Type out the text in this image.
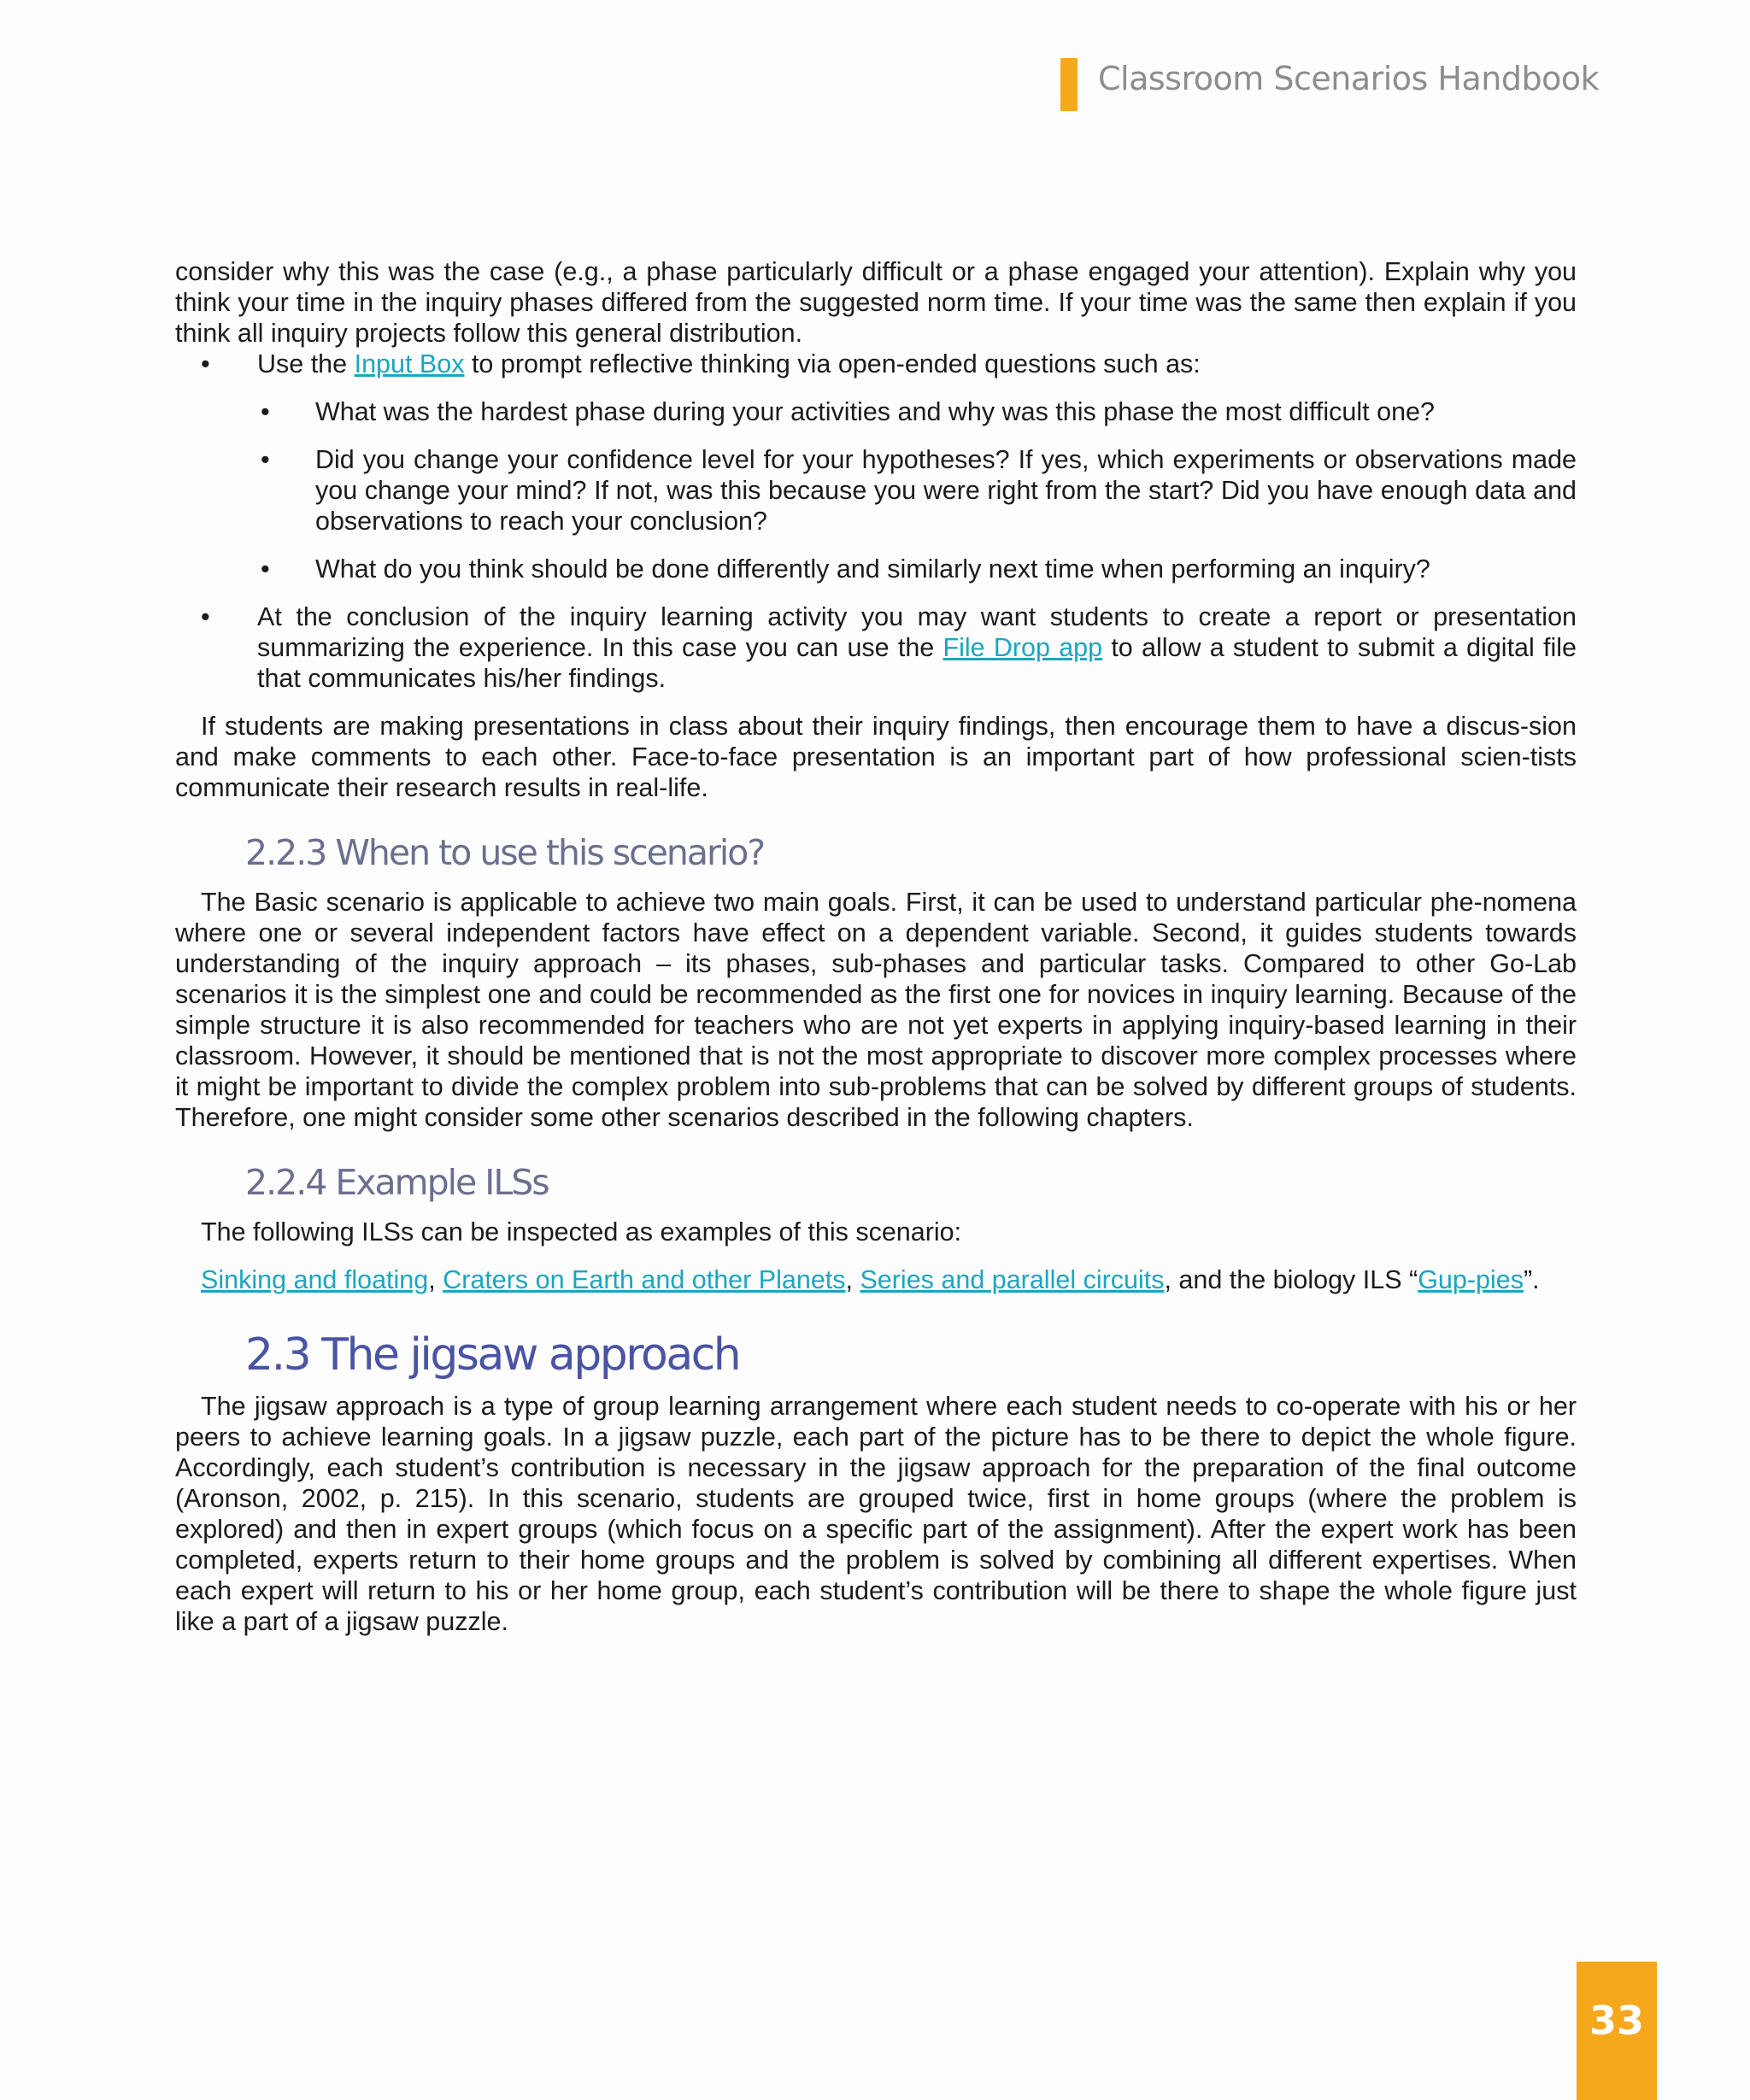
Classroom Scenarios Handbook

consider why this was the case (e.g., a phase particularly difficult or a phase engaged your attention). Explain why you think your time in the inquiry phases differed from the suggested norm time. If your time was the same then explain if you think all inquiry projects follow this general distribution.

• Use the Input Box to prompt reflective thinking via open-ended questions such as:
• What was the hardest phase during your activities and why was this phase the most difficult one?
• Did you change your confidence level for your hypotheses? If yes, which experiments or observations made you change your mind? If not, was this because you were right from the start? Did you have enough data and observations to reach your conclusion?
• What do you think should be done differently and similarly next time when performing an inquiry?
• At the conclusion of the inquiry learning activity you may want students to create a report or presentation summarizing the experience. In this case you can use the File Drop app to allow a student to submit a digital file that communicates his/her findings.

If students are making presentations in class about their inquiry findings, then encourage them to have a discus-sion and make comments to each other. Face-to-face presentation is an important part of how professional scien-tists communicate their research results in real-life.

2.2.3 When to use this scenario?

The Basic scenario is applicable to achieve two main goals. First, it can be used to understand particular phe-nomena where one or several independent factors have effect on a dependent variable. Second, it guides students towards understanding of the inquiry approach – its phases, sub-phases and particular tasks. Compared to other Go-Lab scenarios it is the simplest one and could be recommended as the first one for novices in inquiry learning. Because of the simple structure it is also recommended for teachers who are not yet experts in applying inquiry-based learning in their classroom. However, it should be mentioned that is not the most appropriate to discover more complex processes where it might be important to divide the complex problem into sub-problems that can be solved by different groups of students. Therefore, one might consider some other scenarios described in the following chapters.

2.2.4 Example ILSs

The following ILSs can be inspected as examples of this scenario:

Sinking and floating, Craters on Earth and other Planets, Series and parallel circuits, and the biology ILS “Gup-pies”.

2.3 The jigsaw approach

The jigsaw approach is a type of group learning arrangement where each student needs to co-operate with his or her peers to achieve learning goals. In a jigsaw puzzle, each part of the picture has to be there to depict the whole figure. Accordingly, each student’s contribution is necessary in the jigsaw approach for the preparation of the final outcome (Aronson, 2002, p. 215). In this scenario, students are grouped twice, first in home groups (where the problem is explored) and then in expert groups (which focus on a specific part of the assignment). After the expert work has been completed, experts return to their home groups and the problem is solved by combining all different expertises. When each expert will return to his or her home group, each student’s contribution will be there to shape the whole figure just like a part of a jigsaw puzzle.

33
